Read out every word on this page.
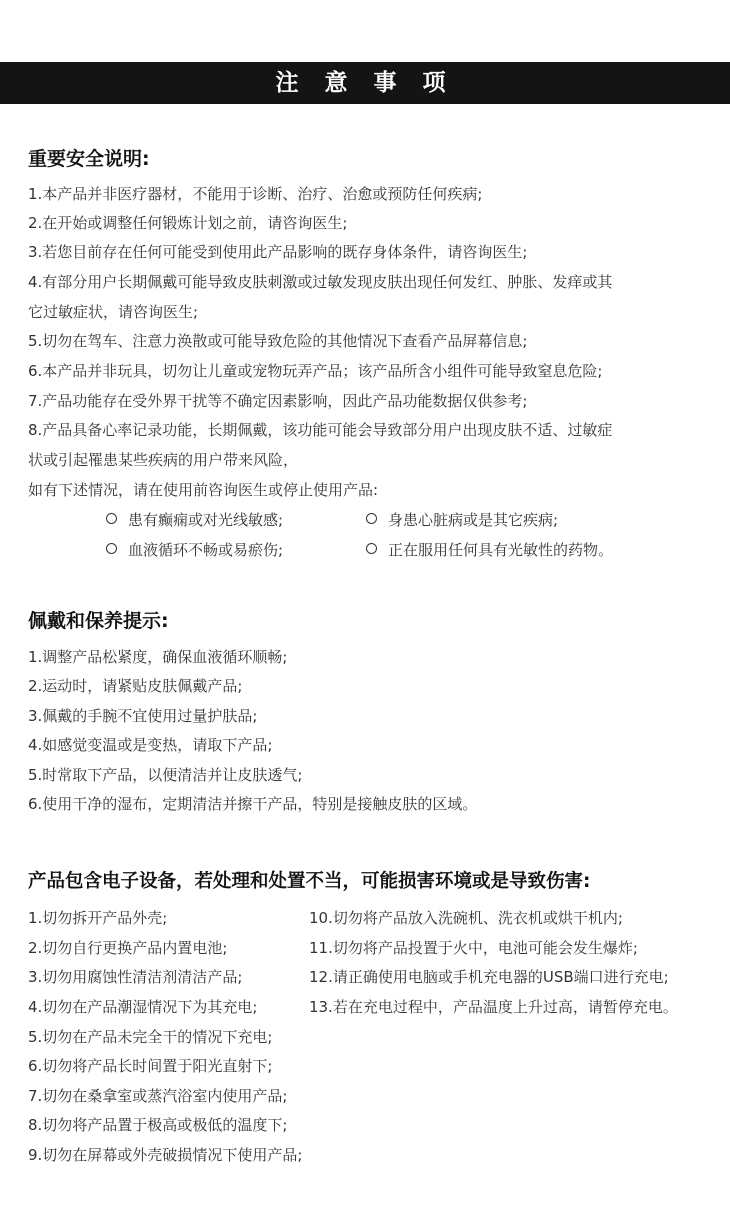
注 意 事 项
重要安全说明:
1.本产品并非医疗器材，不能用于诊断、治疗、治愈或预防任何疾病;
2.在开始或调整任何锻炼计划之前，请咨询医生;
3.若您目前存在任何可能受到使用此产品影响的既存身体条件，请咨询医生;
4.有部分用户长期佩戴可能导致皮肤刺激或过敏发现皮肤出现任何发红、肿胀、发痒或其
它过敏症状，请咨询医生;
5.切勿在驾车、注意力涣散或可能导致危险的其他情况下查看产品屏幕信息;
6.本产品并非玩具，切勿让儿童或宠物玩弄产品；该产品所含小组件可能导致窒息危险;
7.产品功能存在受外界干扰等不确定因素影响，因此产品功能数据仅供参考;
8.产品具备心率记录功能，长期佩戴，该功能可能会导致部分用户出现皮肤不适、过敏症
状或引起罹患某些疾病的用户带来风险，
如有下述情况，请在使用前咨询医生或停止使用产品:
患有癫痫或对光线敏感;	身患心脏病或是其它疾病;
血液循环不畅或易瘀伤;	正在服用任何具有光敏性的药物。
佩戴和保养提示:
1.调整产品松紧度，确保血液循环顺畅;
2.运动时，请紧贴皮肤佩戴产品;
3.佩戴的手腕不宜使用过量护肤品;
4.如感觉变温或是变热，请取下产品;
5.时常取下产品，以便清洁并让皮肤透气;
6.使用干净的湿布，定期清洁并擦干产品，特别是接触皮肤的区域。
产品包含电子设备，若处理和处置不当，可能损害环境或是导致伤害:
1.切勿拆开产品外壳;
2.切勿自行更换产品内置电池;
3.切勿用腐蚀性清洁剂清洁产品;
4.切勿在产品潮湿情况下为其充电;
5.切勿在产品未完全干的情况下充电;
6.切勿将产品长时间置于阳光直射下;
7.切勿在桑拿室或蒸汽浴室内使用产品;
8.切勿将产品置于极高或极低的温度下;
9.切勿在屏幕或外壳破损情况下使用产品;
10.切勿将产品放入洗碗机、洗衣机或烘干机内;
11.切勿将产品投置于火中，电池可能会发生爆炸;
12.请正确使用电脑或手机充电器的USB端口进行充电;
13.若在充电过程中，产品温度上升过高，请暂停充电。
